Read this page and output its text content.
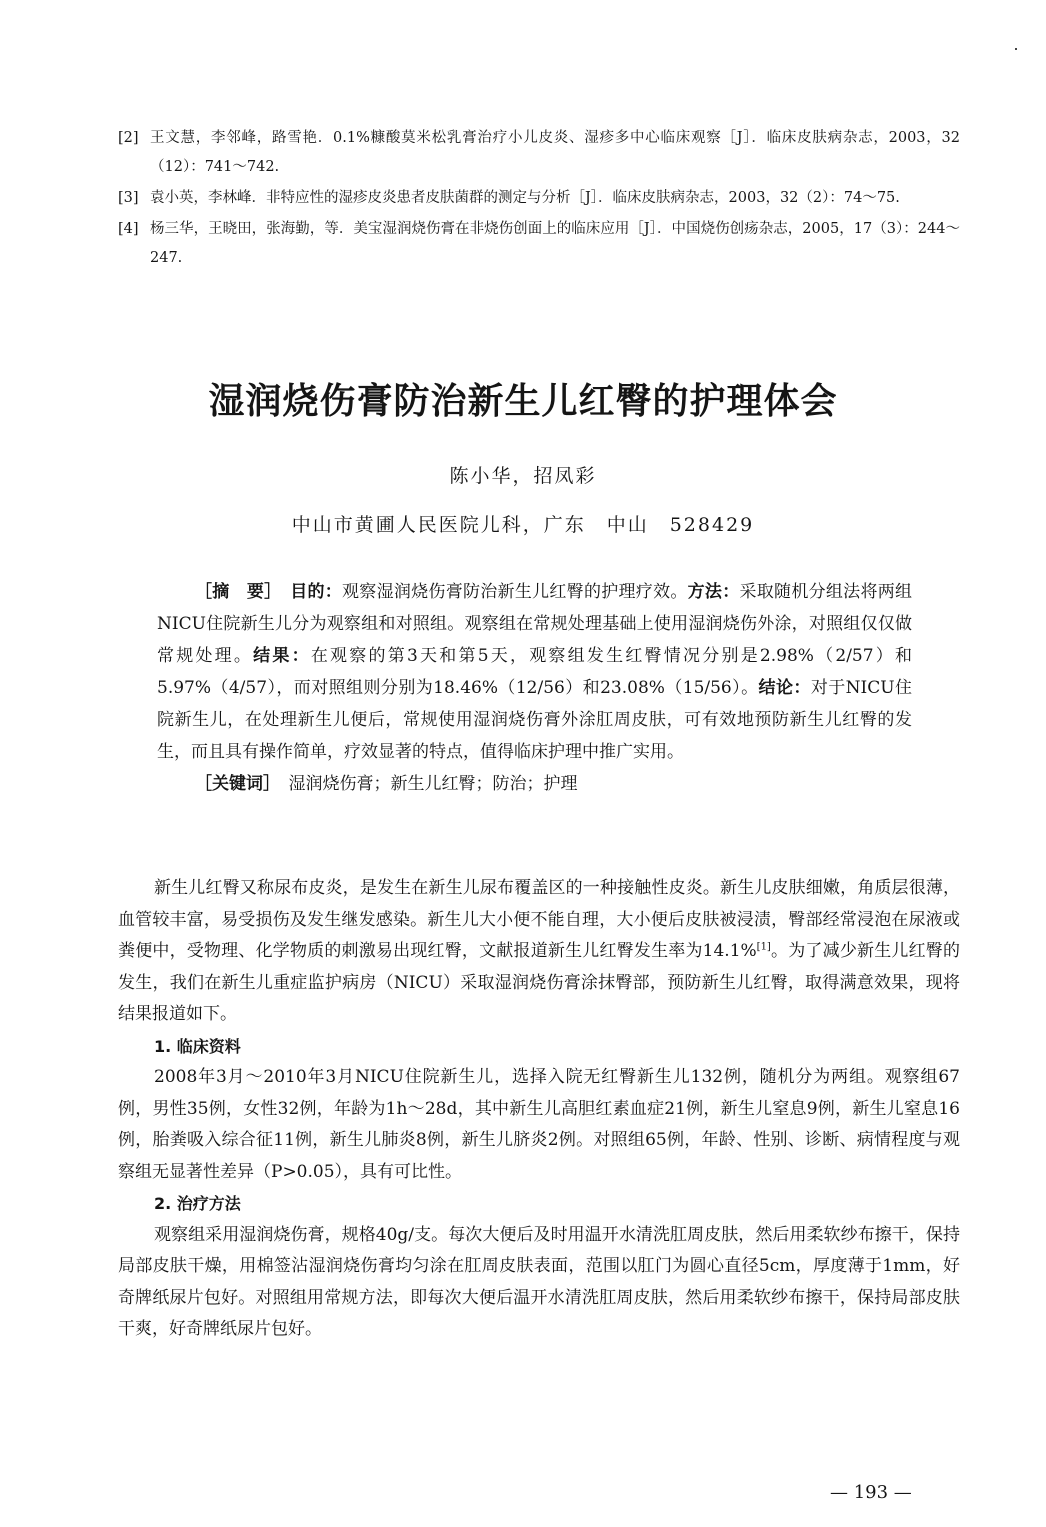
[2] 王文慧，李邻峰，路雪艳．0.1%糠酸莫米松乳膏治疗小儿皮炎、湿疹多中心临床观察［J］．临床皮肤病杂志，2003，32（12）：741～742.
[3] 袁小英，李林峰．非特应性的湿疹皮炎患者皮肤菌群的测定与分析［J］．临床皮肤病杂志，2003，32（2）：74～75.
[4] 杨三华，王晓田，张海勤，等．美宝湿润烧伤膏在非烧伤创面上的临床应用［J］．中国烧伤创疡杂志，2005，17（3）：244～247.
湿润烧伤膏防治新生儿红臀的护理体会
陈小华，招凤彩
中山市黄圃人民医院儿科，广东　中山　528429

［摘　要］　 目的：观察湿润烧伤膏防治新生儿红臀的护理疗效。方法：采取随机分组法将两组NICU住院新生儿分为观察组和对照组。观察组在常规处理基础上使用湿润烧伤外涂，对照组仅仅做常规处理。结果：在观察的第3天和第5天，观察组发生红臀情况分别是2.98%（2/57）和5.97%（4/57），而对照组则分别为18.46%（12/56）和23.08%（15/56）。结论：对于NICU住院新生儿，在处理新生儿便后，常规使用湿润烧伤膏外涂肛周皮肤，可有效地预防新生儿红臀的发生，而且具有操作简单，疗效显著的特点，值得临床护理中推广实用。

［关键词］　 湿润烧伤膏；新生儿红臀；防治；护理

新生儿红臀又称尿布皮炎，是发生在新生儿尿布覆盖区的一种接触性皮炎。新生儿皮肤细嫩，角质层很薄，血管较丰富，易受损伤及发生继发感染。新生儿大小便不能自理，大小便后皮肤被浸渍，臀部经常浸泡在尿液或粪便中，受物理、化学物质的刺激易出现红臀，文献报道新生儿红臀发生率为14.1%[1]。为了减少新生儿红臀的发生，我们在新生儿重症监护病房（NICU）采取湿润烧伤膏涂抹臀部，预防新生儿红臀，取得满意效果，现将结果报道如下。

1. 临床资料

2008年3月～2010年3月NICU住院新生儿，选择入院无红臀新生儿132例，随机分为两组。观察组67例，男性35例，女性32例，年龄为1h～28d，其中新生儿高胆红素血症21例，新生儿窒息9例，新生儿窒息16例，胎粪吸入综合征11例，新生儿肺炎8例，新生儿脐炎2例。对照组65例，年龄、性别、诊断、病情程度与观察组无显著性差异（P>0.05），具有可比性。

2. 治疗方法

观察组采用湿润烧伤膏，规格40g/支。每次大便后及时用温开水清洗肛周皮肤，然后用柔软纱布擦干，保持局部皮肤干燥，用棉签沾湿润烧伤膏均匀涂在肛周皮肤表面，范围以肛门为圆心直径5cm，厚度薄于1mm，好奇牌纸尿片包好。对照组用常规方法，即每次大便后温开水清洗肛周皮肤，然后用柔软纱布擦干，保持局部皮肤干爽，好奇牌纸尿片包好。

— 193 —
